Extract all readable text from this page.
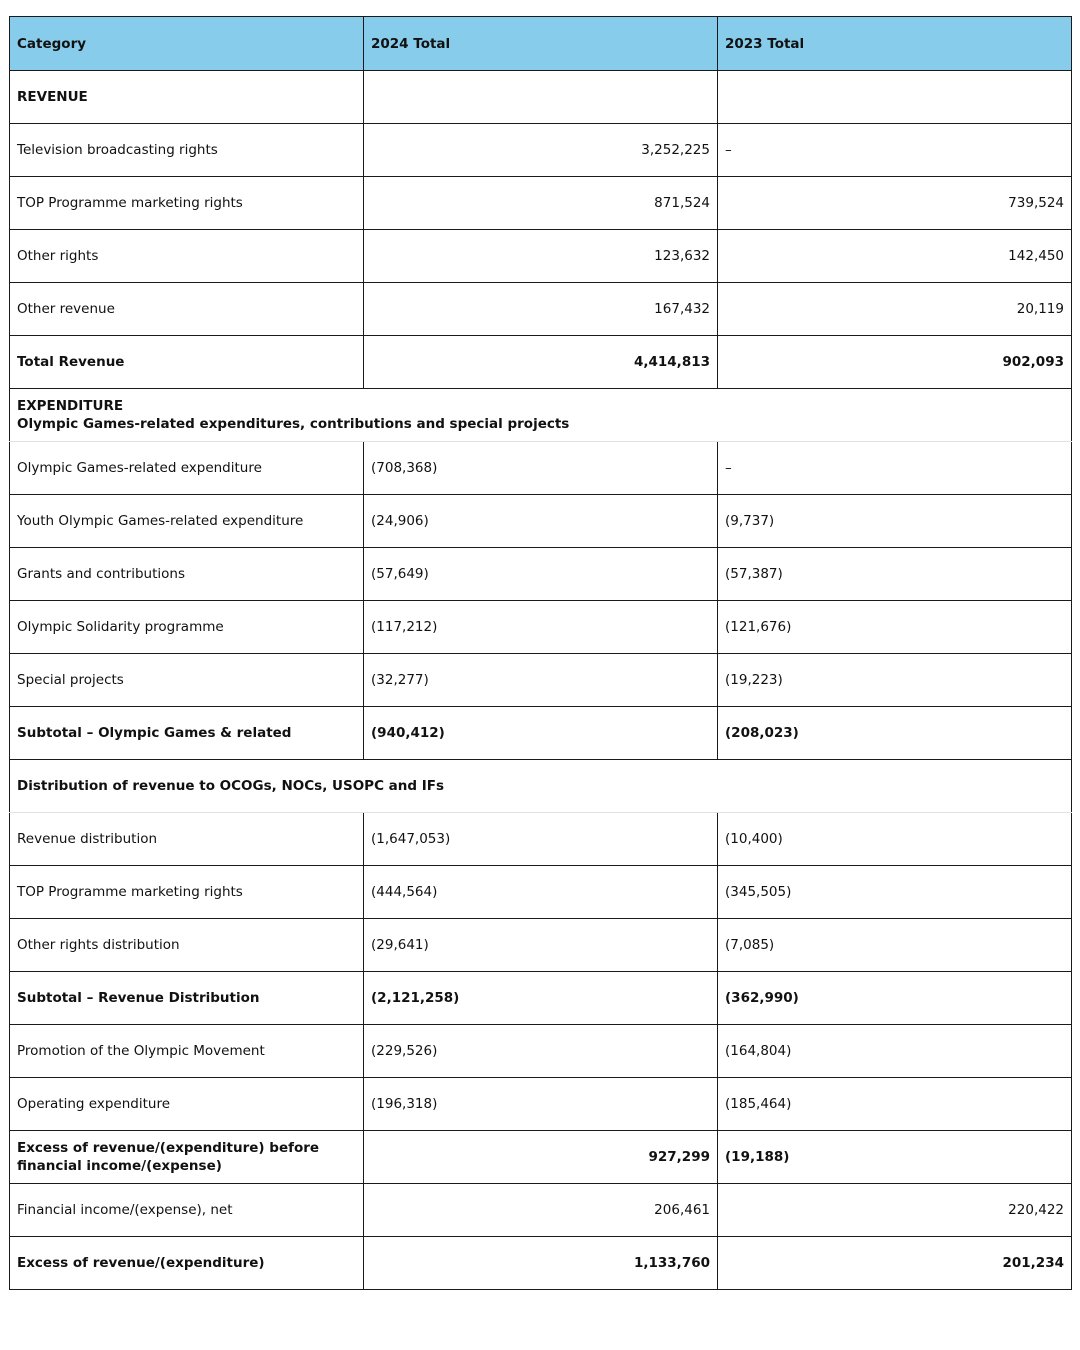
Category	2024 Total	2023 Total
REVENUE		
Television broadcasting rights	3,252,225	–
TOP Programme marketing rights	871,524	739,524
Other rights	123,632	142,450
Other revenue	167,432	20,119
Total Revenue	4,414,813	902,093

EXPENDITURE
Olympic Games-related expenditures, contributions and special projects		

Olympic Games-related expenditure	(708,368)	–
Youth Olympic Games-related expenditure	(24,906)	(9,737)
Grants and contributions	(57,649)	(57,387)
Olympic Solidarity programme	(117,212)	(121,676)
Special projects	(32,277)	(19,223)
Subtotal – Olympic Games & related	(940,412)	(208,023)
Distribution of revenue to OCOGs, NOCs, USOPC and IFs		
Revenue distribution	(1,647,053)	(10,400)
TOP Programme marketing rights	(444,564)	(345,505)
Other rights distribution	(29,641)	(7,085)
Subtotal – Revenue Distribution	(2,121,258)	(362,990)
Promotion of the Olympic Movement	(229,526)	(164,804)
Operating expenditure	(196,318)	(185,464)
Excess of revenue/(expenditure) before financial income/(expense)	927,299	(19,188)
Financial income/(expense), net	206,461	220,422
Excess of revenue/(expenditure)	1,133,760	201,234
